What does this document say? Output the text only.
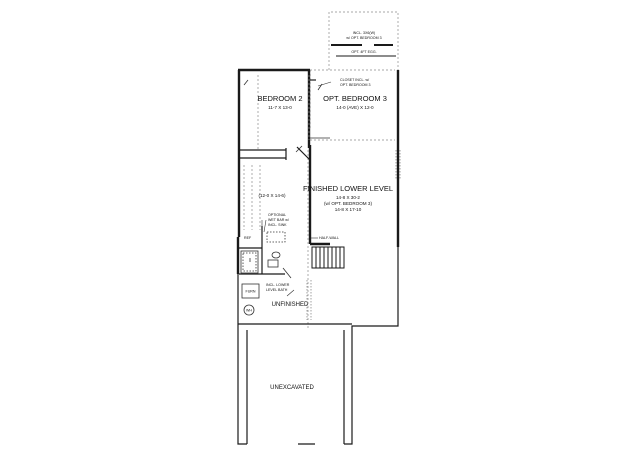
BEDROOM 2
11-7 X 13-0
OPT. BEDROOM 3
14-0 (AVE) X 12-0
FINISHED LOWER LEVEL
14-8 X 30-2
(w/ OPT. BEDROOM 3)
14-8 X 17-10
(12-0 X 14-6)
UNFINISHED
UNEXCAVATED
INCL. 3X6(W)
w/ OPT. BEDROOM 3
OPT. 4FT EGG.
CLOSET INCL. w/
OPT. BEDROOM 3
OPTIONAL
WET BAR w/
INCL. SINK
HALF-WALL
REF
INCL. LOWER
LEVEL BATH
FURN
WH
